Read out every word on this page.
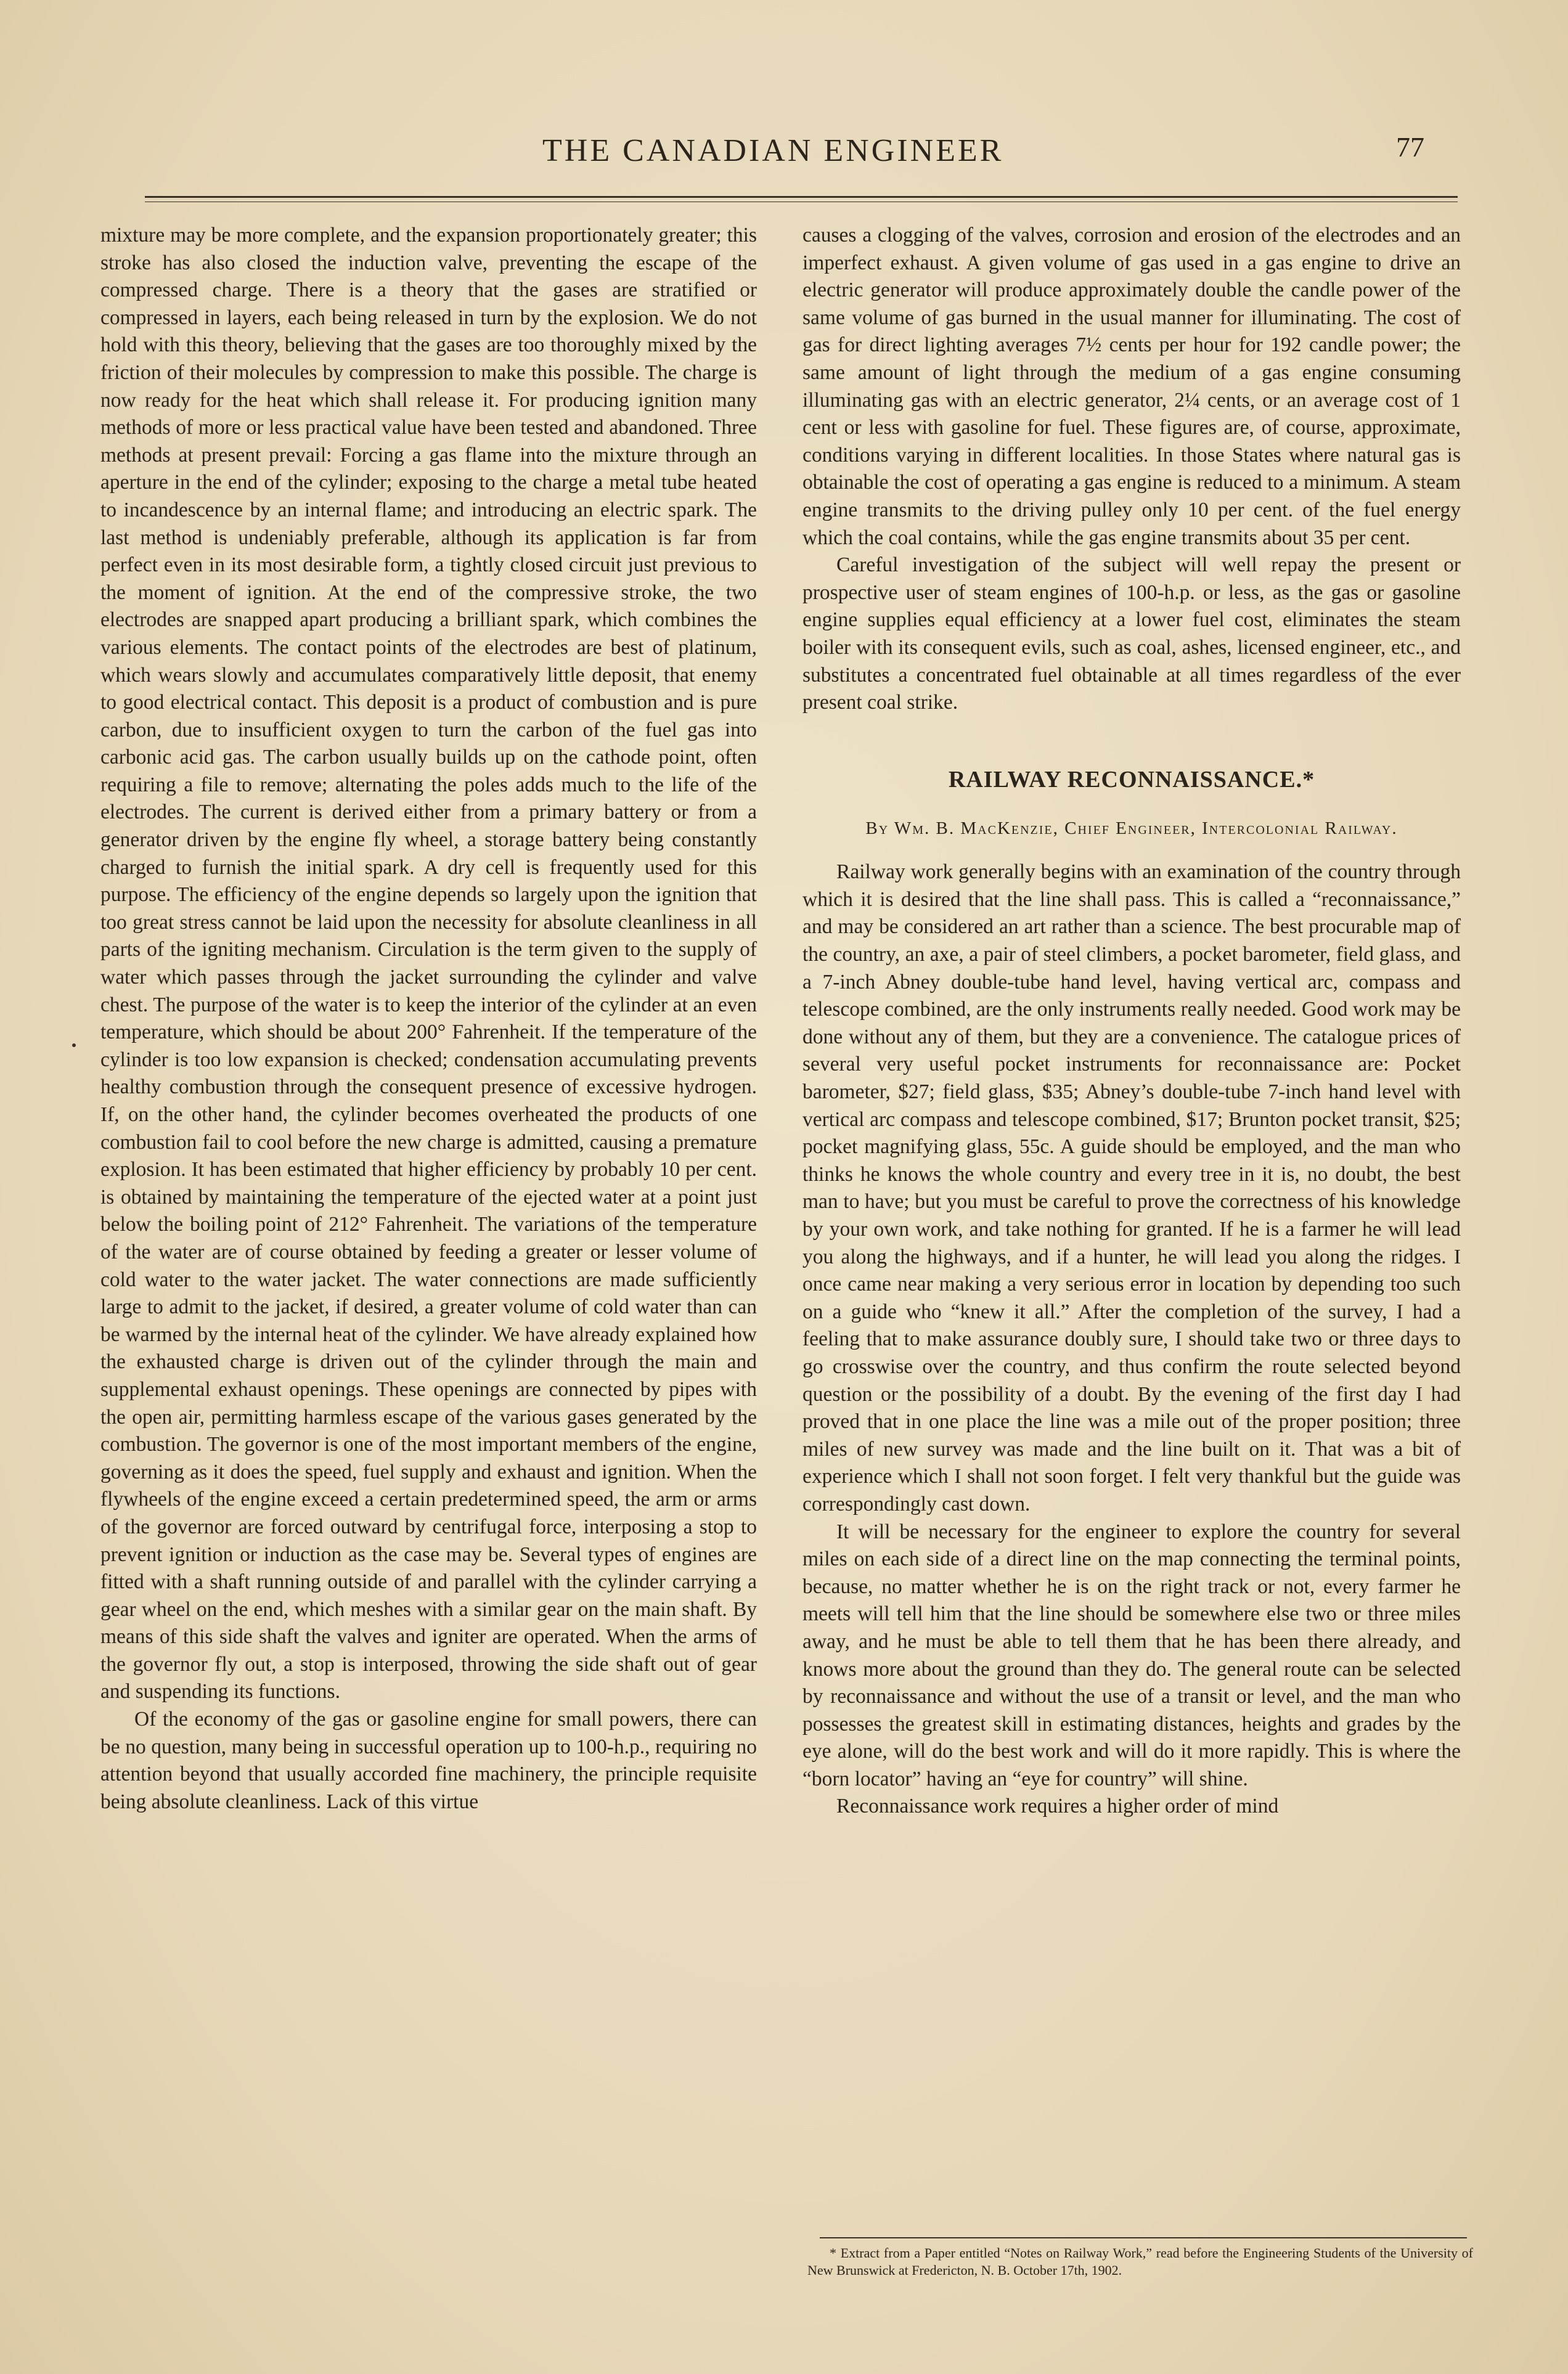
THE CANADIAN ENGINEER	77

mixture may be more complete, and the expansion proportionately greater; this stroke has also closed the induction valve, preventing the escape of the compressed charge. There is a theory that the gases are stratified or compressed in layers, each being released in turn by the explosion. We do not hold with this theory, believing that the gases are too thoroughly mixed by the friction of their molecules by compression to make this possible. The charge is now ready for the heat which shall release it. For producing ignition many methods of more or less practical value have been tested and abandoned. Three methods at present prevail: Forcing a gas flame into the mixture through an aperture in the end of the cylinder; exposing to the charge a metal tube heated to incandescence by an internal flame; and introducing an electric spark. The last method is undeniably preferable, although its application is far from perfect even in its most desirable form, a tightly closed circuit just previous to the moment of ignition. At the end of the compressive stroke, the two electrodes are snapped apart producing a brilliant spark, which combines the various elements. The contact points of the electrodes are best of platinum, which wears slowly and accumulates comparatively little deposit, that enemy to good electrical contact. This deposit is a product of combustion and is pure carbon, due to insufficient oxygen to turn the carbon of the fuel gas into carbonic acid gas. The carbon usually builds up on the cathode point, often requiring a file to remove; alternating the poles adds much to the life of the electrodes. The current is derived either from a primary battery or from a generator driven by the engine fly wheel, a storage battery being constantly charged to furnish the initial spark. A dry cell is frequently used for this purpose. The efficiency of the engine depends so largely upon the ignition that too great stress cannot be laid upon the necessity for absolute cleanliness in all parts of the igniting mechanism. Circulation is the term given to the supply of water which passes through the jacket surrounding the cylinder and valve chest. The purpose of the water is to keep the interior of the cylinder at an even temperature, which should be about 200° Fahrenheit. If the temperature of the cylinder is too low expansion is checked; condensation accumulating prevents healthy combustion through the consequent presence of excessive hydrogen. If, on the other hand, the cylinder becomes overheated the products of one combustion fail to cool before the new charge is admitted, causing a premature explosion. It has been estimated that higher efficiency by probably 10 per cent. is obtained by maintaining the temperature of the ejected water at a point just below the boiling point of 212° Fahrenheit. The variations of the temperature of the water are of course obtained by feeding a greater or lesser volume of cold water to the water jacket. The water connections are made sufficiently large to admit to the jacket, if desired, a greater volume of cold water than can be warmed by the internal heat of the cylinder. We have already explained how the exhausted charge is driven out of the cylinder through the main and supplemental exhaust openings. These openings are connected by pipes with the open air, permitting harmless escape of the various gases generated by the combustion. The governor is one of the most important members of the engine, governing as it does the speed, fuel supply and exhaust and ignition. When the flywheels of the engine exceed a certain predetermined speed, the arm or arms of the governor are forced outward by centrifugal force, interposing a stop to prevent ignition or induction as the case may be. Several types of engines are fitted with a shaft running outside of and parallel with the cylinder carrying a gear wheel on the end, which meshes with a similar gear on the main shaft. By means of this side shaft the valves and igniter are operated. When the arms of the governor fly out, a stop is interposed, throwing the side shaft out of gear and suspending its functions.

Of the economy of the gas or gasoline engine for small powers, there can be no question, many being in successful operation up to 100-h.p., requiring no attention beyond that usually accorded fine machinery, the principle requisite being absolute cleanliness. Lack of this virtue

causes a clogging of the valves, corrosion and erosion of the electrodes and an imperfect exhaust. A given volume of gas used in a gas engine to drive an electric generator will produce approximately double the candle power of the same volume of gas burned in the usual manner for illuminating. The cost of gas for direct lighting averages 7½ cents per hour for 192 candle power; the same amount of light through the medium of a gas engine consuming illuminating gas with an electric generator, 2¼ cents, or an average cost of 1 cent or less with gasoline for fuel. These figures are, of course, approximate, conditions varying in different localities. In those States where natural gas is obtainable the cost of operating a gas engine is reduced to a minimum. A steam engine transmits to the driving pulley only 10 per cent. of the fuel energy which the coal contains, while the gas engine transmits about 35 per cent.

Careful investigation of the subject will well repay the present or prospective user of steam engines of 100-h.p. or less, as the gas or gasoline engine supplies equal efficiency at a lower fuel cost, eliminates the steam boiler with its consequent evils, such as coal, ashes, licensed engineer, etc., and substitutes a concentrated fuel obtainable at all times regardless of the ever present coal strike.

RAILWAY RECONNAISSANCE.*
By Wm. B. MacKenzie, Chief Engineer, Intercolonial Railway.

Railway work generally begins with an examination of the country through which it is desired that the line shall pass. This is called a “reconnaissance,” and may be considered an art rather than a science. The best procurable map of the country, an axe, a pair of steel climbers, a pocket barometer, field glass, and a 7-inch Abney double-tube hand level, having vertical arc, compass and telescope combined, are the only instruments really needed. Good work may be done without any of them, but they are a convenience. The catalogue prices of several very useful pocket instruments for reconnaissance are: Pocket barometer, $27; field glass, $35; Abney’s double-tube 7-inch hand level with vertical arc compass and telescope combined, $17; Brunton pocket transit, $25; pocket magnifying glass, 55c. A guide should be employed, and the man who thinks he knows the whole country and every tree in it is, no doubt, the best man to have; but you must be careful to prove the correctness of his knowledge by your own work, and take nothing for granted. If he is a farmer he will lead you along the highways, and if a hunter, he will lead you along the ridges. I once came near making a very serious error in location by depending too such on a guide who “knew it all.” After the completion of the survey, I had a feeling that to make assurance doubly sure, I should take two or three days to go crosswise over the country, and thus confirm the route selected beyond question or the possibility of a doubt. By the evening of the first day I had proved that in one place the line was a mile out of the proper position; three miles of new survey was made and the line built on it. That was a bit of experience which I shall not soon forget. I felt very thankful but the guide was correspondingly cast down.

It will be necessary for the engineer to explore the country for several miles on each side of a direct line on the map connecting the terminal points, because, no matter whether he is on the right track or not, every farmer he meets will tell him that the line should be somewhere else two or three miles away, and he must be able to tell them that he has been there already, and knows more about the ground than they do. The general route can be selected by reconnaissance and without the use of a transit or level, and the man who possesses the greatest skill in estimating distances, heights and grades by the eye alone, will do the best work and will do it more rapidly. This is where the “born locator” having an “eye for country” will shine.

Reconnaissance work requires a higher order of mind

* Extract from a Paper entitled “Notes on Railway Work,” read before the Engineering Students of the University of New Brunswick at Fredericton, N. B. October 17th, 1902.
